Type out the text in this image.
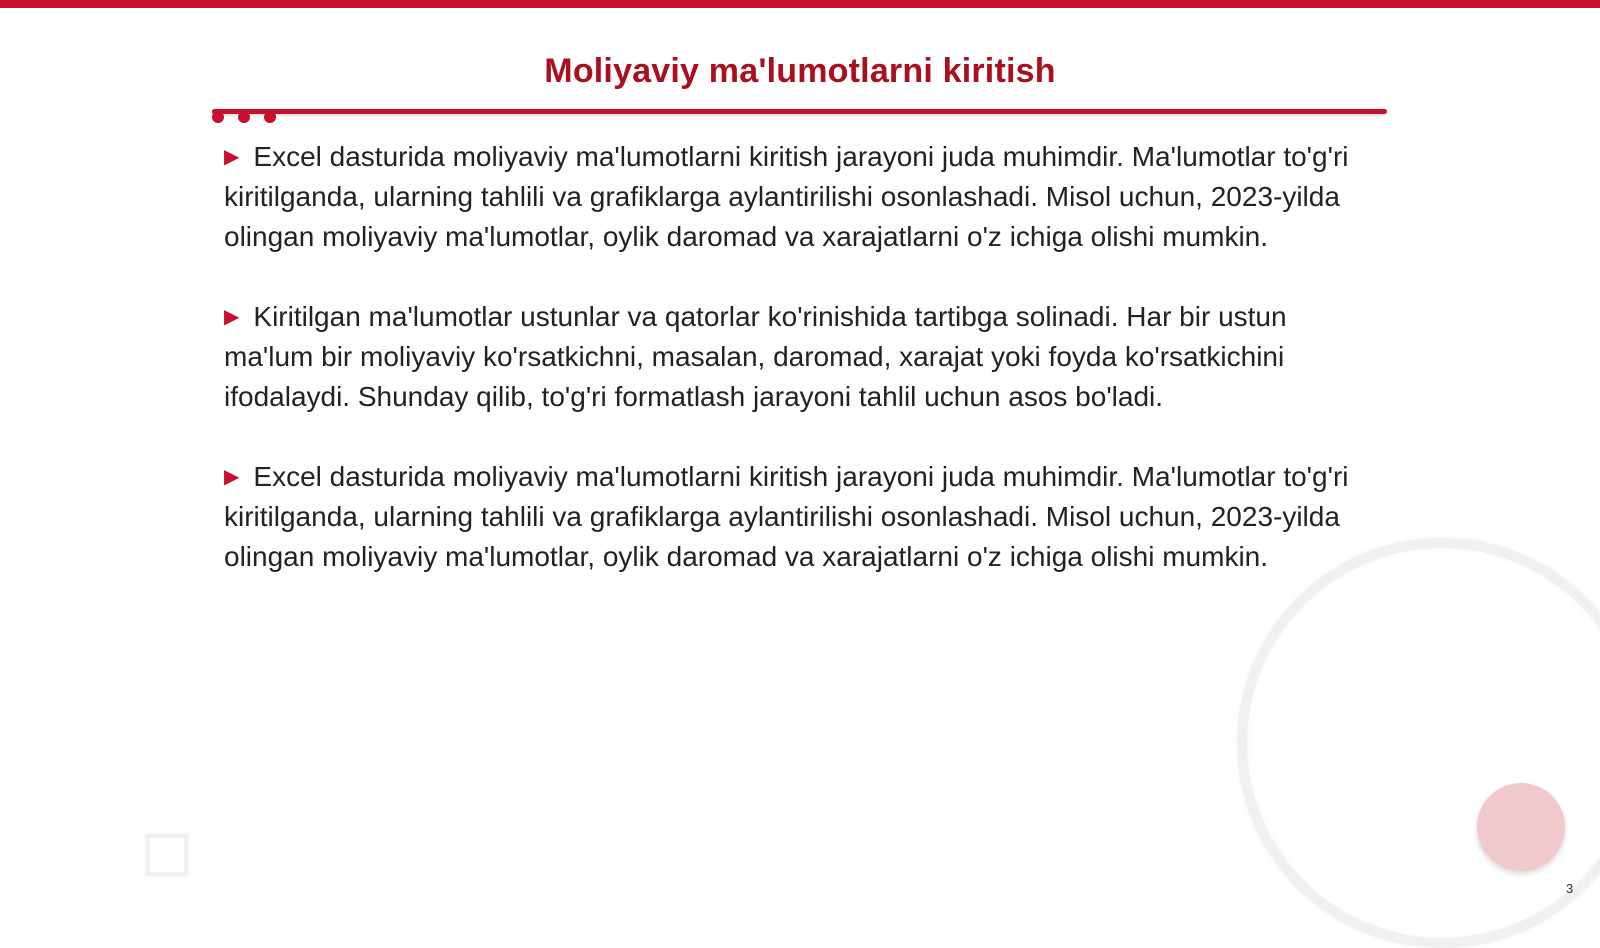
Moliyaviy ma'lumotlarni kiritish

▶ Excel dasturida moliyaviy ma'lumotlarni kiritish jarayoni juda muhimdir. Ma'lumotlar to'g'ri kiritilganda, ularning tahlili va grafiklarga aylantirilishi osonlashadi. Misol uchun, 2023-yilda olingan moliyaviy ma'lumotlar, oylik daromad va xarajatlarni o'z ichiga olishi mumkin.

▶ Kiritilgan ma'lumotlar ustunlar va qatorlar ko'rinishida tartibga solinadi. Har bir ustun ma'lum bir moliyaviy ko'rsatkichni, masalan, daromad, xarajat yoki foyda ko'rsatkichini ifodalaydi. Shunday qilib, to'g'ri formatlash jarayoni tahlil uchun asos bo'ladi.

▶ Excel dasturida moliyaviy ma'lumotlarni kiritish jarayoni juda muhimdir. Ma'lumotlar to'g'ri kiritilganda, ularning tahlili va grafiklarga aylantirilishi osonlashadi. Misol uchun, 2023-yilda olingan moliyaviy ma'lumotlar, oylik daromad va xarajatlarni o'z ichiga olishi mumkin.

3
